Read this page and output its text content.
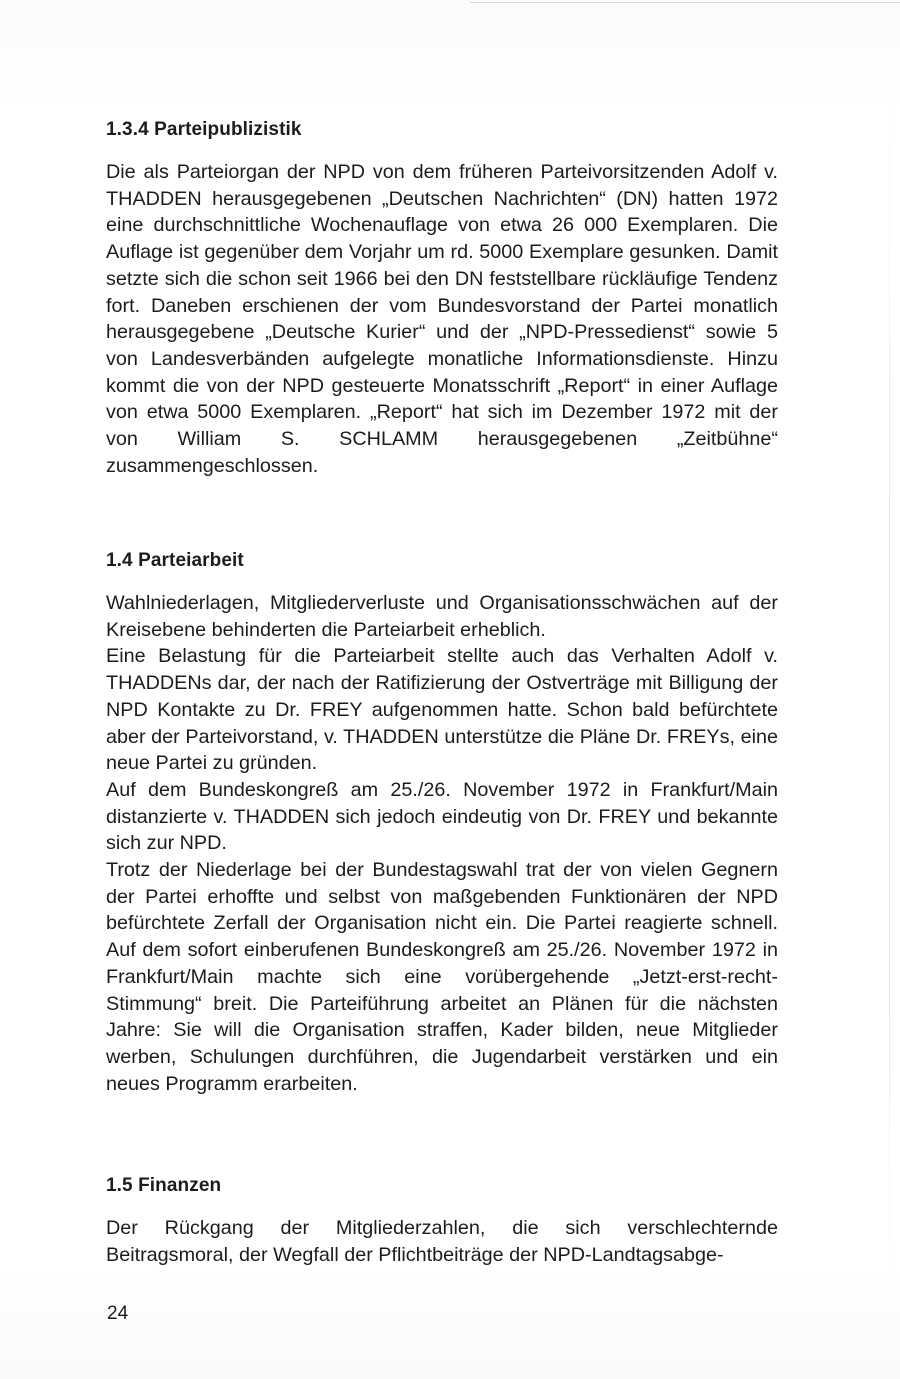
1.3.4 Parteipublizistik

Die als Parteiorgan der NPD von dem früheren Parteivorsitzenden Adolf v. THADDEN herausgegebenen „Deutschen Nachrichten“ (DN) hatten 1972 eine durchschnittliche Wochenauflage von etwa 26 000 Exemplaren. Die Auflage ist gegenüber dem Vorjahr um rd. 5000 Exemplare gesunken. Damit setzte sich die schon seit 1966 bei den DN feststellbare rückläufige Tendenz fort. Daneben erschienen der vom Bundesvorstand der Partei monatlich herausgegebene „Deutsche Kurier“ und der „NPD-Pressedienst“ sowie 5 von Landesverbänden aufgelegte monatliche Informationsdienste. Hinzu kommt die von der NPD gesteuerte Monatsschrift „Report“ in einer Auflage von etwa 5000 Exemplaren. „Report“ hat sich im Dezember 1972 mit der von William S. SCHLAMM herausgegebenen „Zeitbühne“ zusammengeschlossen.

1.4 Parteiarbeit

Wahlniederlagen, Mitgliederverluste und Organisationsschwächen auf der Kreisebene behinderten die Parteiarbeit erheblich.

Eine Belastung für die Parteiarbeit stellte auch das Verhalten Adolf v. THADDENs dar, der nach der Ratifizierung der Ostverträge mit Billigung der NPD Kontakte zu Dr. FREY aufgenommen hatte. Schon bald befürchtete aber der Parteivorstand, v. THADDEN unterstütze die Pläne Dr. FREYs, eine neue Partei zu gründen.

Auf dem Bundeskongreß am 25./26. November 1972 in Frankfurt/Main distanzierte v. THADDEN sich jedoch eindeutig von Dr. FREY und bekannte sich zur NPD.

Trotz der Niederlage bei der Bundestagswahl trat der von vielen Gegnern der Partei erhoffte und selbst von maßgebenden Funktionären der NPD befürchtete Zerfall der Organisation nicht ein. Die Partei reagierte schnell. Auf dem sofort einberufenen Bundeskongreß am 25./26. November 1972 in Frankfurt/Main machte sich eine vorübergehende „Jetzt-erst-recht-Stimmung“ breit. Die Parteiführung arbeitet an Plänen für die nächsten Jahre: Sie will die Organisation straffen, Kader bilden, neue Mitglieder werben, Schulungen durchführen, die Jugendarbeit verstärken und ein neues Programm erarbeiten.

1.5 Finanzen

Der Rückgang der Mitgliederzahlen, die sich verschlechternde Beitragsmoral, der Wegfall der Pflichtbeiträge der NPD-Landtagsabge-

24
